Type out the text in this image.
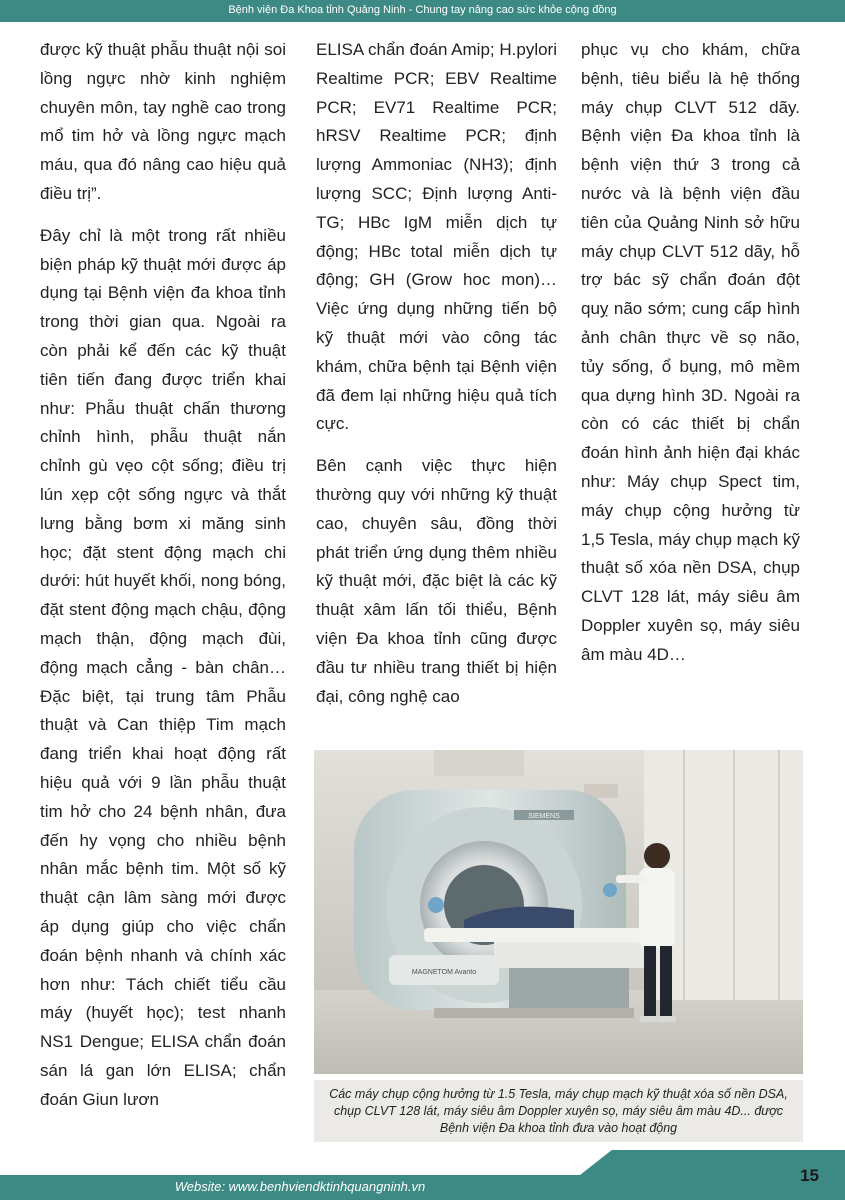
Bệnh viện Đa Khoa tỉnh Quảng Ninh - Chung tay nâng cao sức khỏe cộng đồng

được kỹ thuật phẫu thuật nội soi lồng ngực nhờ kinh nghiệm chuyên môn, tay nghề cao trong mổ tim hở và lồng ngực mạch máu, qua đó nâng cao hiệu quả điều trị”.

Đây chỉ là một trong rất nhiều biện pháp kỹ thuật mới được áp dụng tại Bệnh viện đa khoa tỉnh trong thời gian qua. Ngoài ra còn phải kể đến các kỹ thuật tiên tiến đang được triển khai như: Phẫu thuật chấn thương chỉnh hình, phẫu thuật nắn chỉnh gù vẹo cột sống; điều trị lún xẹp cột sống ngực và thắt lưng bằng bơm xi măng sinh học; đặt stent động mạch chi dưới: hút huyết khối, nong bóng, đặt stent động mạch chậu, động mạch thận, động mạch đùi, động mạch cẳng - bàn chân… Đặc biệt, tại trung tâm Phẫu thuật và Can thiệp Tim mạch đang triển khai hoạt động rất hiệu quả với 9 lần phẫu thuật tim hở cho 24 bệnh nhân, đưa đến hy vọng cho nhiều bệnh nhân mắc bệnh tim. Một số kỹ thuật cận lâm sàng mới được áp dụng giúp cho việc chẩn đoán bệnh nhanh và chính xác hơn như: Tách chiết tiểu cầu máy (huyết học); test nhanh NS1 Dengue; ELISA chẩn đoán sán lá gan lớn ELISA; chẩn đoán Giun lươn

ELISA chẩn đoán Amip; H.pylori Realtime PCR; EBV Realtime PCR; EV71 Realtime PCR; hRSV Realtime PCR; định lượng Ammoniac (NH3); định lượng SCC; Định lượng Anti- TG; HBc IgM miễn dịch tự động; HBc total miễn dịch tự động; GH (Grow hoc mon)… Việc ứng dụng những tiến bộ kỹ thuật mới vào công tác khám, chữa bệnh tại Bệnh viện đã đem lại những hiệu quả tích cực.

Bên cạnh việc thực hiện thường quy với những kỹ thuật cao, chuyên sâu, đồng thời phát triển ứng dụng thêm nhiều kỹ thuật mới, đặc biệt là các kỹ thuật xâm lấn tối thiểu, Bệnh viện Đa khoa tỉnh cũng được đầu tư nhiều trang thiết bị hiện đại, công nghệ cao

phục vụ cho khám, chữa bệnh, tiêu biểu là hệ thống máy chụp CLVT 512 dãy. Bệnh viện Đa khoa tỉnh là bệnh viện thứ 3 trong cả nước và là bệnh viện đầu tiên của Quảng Ninh sở hữu máy chụp CLVT 512 dãy, hỗ trợ bác sỹ chẩn đoán đột quỵ não sớm; cung cấp hình ảnh chân thực về sọ não, tủy sống, ổ bụng, mô mềm qua dựng hình 3D. Ngoài ra còn có các thiết bị chẩn đoán hình ảnh hiện đại khác như: Máy chụp Spect tim, máy chụp cộng hưởng từ 1,5 Tesla, máy chụp mạch kỹ thuật số xóa nền DSA, chụp CLVT 128 lát, máy siêu âm Doppler xuyên sọ, máy siêu âm màu 4D…

SIEMENS
MAGNETOM Avanto
Các máy chụp cộng hưởng từ 1.5 Tesla, máy chụp mạch kỹ thuật xóa số nền DSA, chụp CLVT 128 lát, máy siêu âm Doppler xuyên sọ, máy siêu âm màu 4D... được Bệnh viện Đa khoa tỉnh đưa vào hoạt động
Website: www.benhviendktinhquangninh.vn
15
